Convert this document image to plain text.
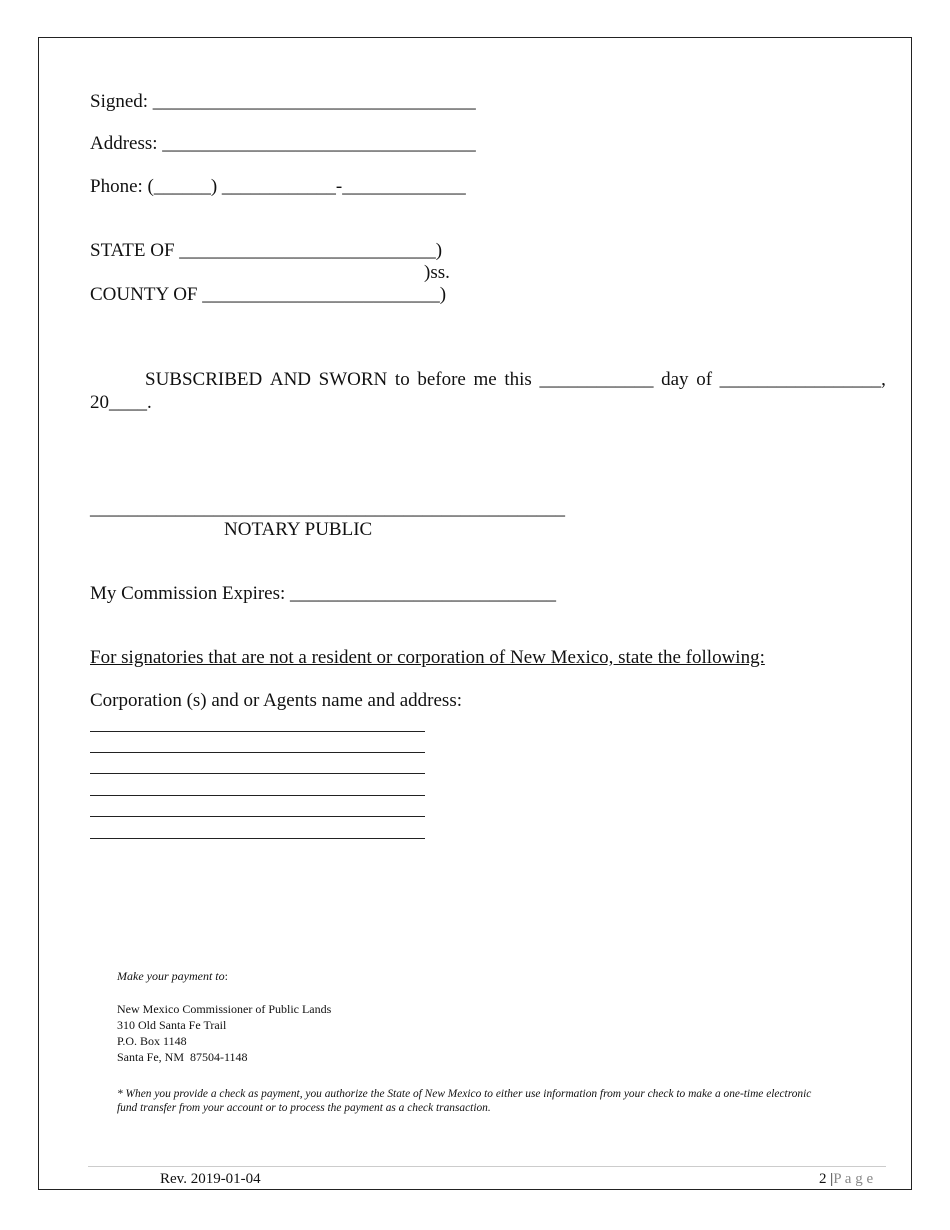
Signed: __________________________________
Address: _________________________________
Phone: (______) ____________-_____________
STATE OF ___________________________)
)ss.
COUNTY OF _________________________)
SUBSCRIBED AND SWORN to before me this ____________ day of _________________,
20____.
__________________________________________________
NOTARY PUBLIC
My Commission Expires: ____________________________
For signatories that are not a resident or corporation of New Mexico, state the following:
Corporation (s) and or Agents name and address:
Make your payment to:
New Mexico Commissioner of Public Lands
310 Old Santa Fe Trail
P.O. Box 1148
Santa Fe, NM  87504-1148
* When you provide a check as payment, you authorize the State of New Mexico to either use information from your check to make a one-time electronic
fund transfer from your account or to process the payment as a check transaction.
Rev. 2019-01-04	2 |P a g e
